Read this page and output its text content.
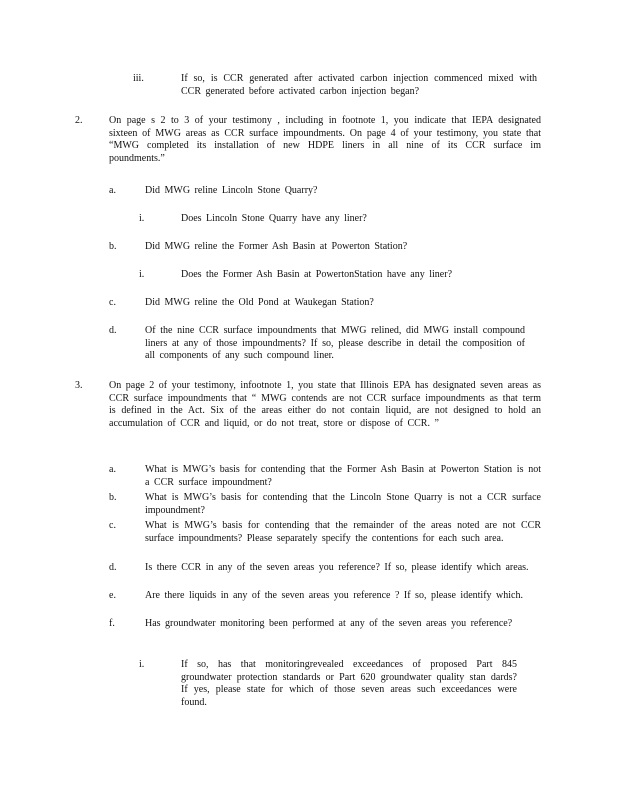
iii.	If so, is CCR generated after activated carbon injection commenced mixed with CCR generated before activated carbon injection began?
2.	On page s 2 to 3 of your testimony , including in footnote 1, you indicate that IEPA designated sixteen of MWG areas as CCR surface impoundments. On page 4 of your testimony, you state that “MWG completed its installation of new HDPE liners in all nine of its CCR surface im poundments.”
a.	Did MWG reline Lincoln Stone Quarry?
i.	Does Lincoln Stone Quarry have any liner?
b.	Did MWG reline the Former Ash Basin at Powerton Station?
i.	Does the Former Ash Basin at PowertonStation have any liner?
c.	Did MWG reline the Old Pond at Waukegan Station?
d.	Of the nine CCR surface impoundments that MWG relined, did MWG install compound liners at any of those impoundments? If so, please describe in detail the composition of all components of any such compound liner.
3.	On page 2 of your testimony, infootnote 1, you state that Illinois EPA has designated seven areas as CCR surface impoundments that “ MWG contends are not CCR surface impoundments as that term is defined in the Act. Six of the areas either do not contain liquid, are not designed to hold an accumulation of CCR and liquid, or do not treat, store or dispose of CCR. ”
a.	What is MWG’s basis for contending that the Former Ash Basin at Powerton Station is not a CCR surface impoundment?
b.	What is MWG’s basis for contending that the Lincoln Stone Quarry is not a CCR surface impoundment?
c.	What is MWG’s basis for contending that the remainder of the areas noted are not CCR surface impoundments? Please separately specify the contentions for each such area.
d.	Is there CCR in any of the seven areas you reference? If so, please identify which areas.
e.	Are there liquids in any of the seven areas you reference ? If so, please identify which.
f.	Has groundwater monitoring been performed at any of the seven areas you reference?
i.	If so, has that monitoringrevealed exceedances of proposed Part 845 groundwater protection standards or Part 620 groundwater quality stan dards? If yes, please state for which of those seven areas such exceedances were found.
